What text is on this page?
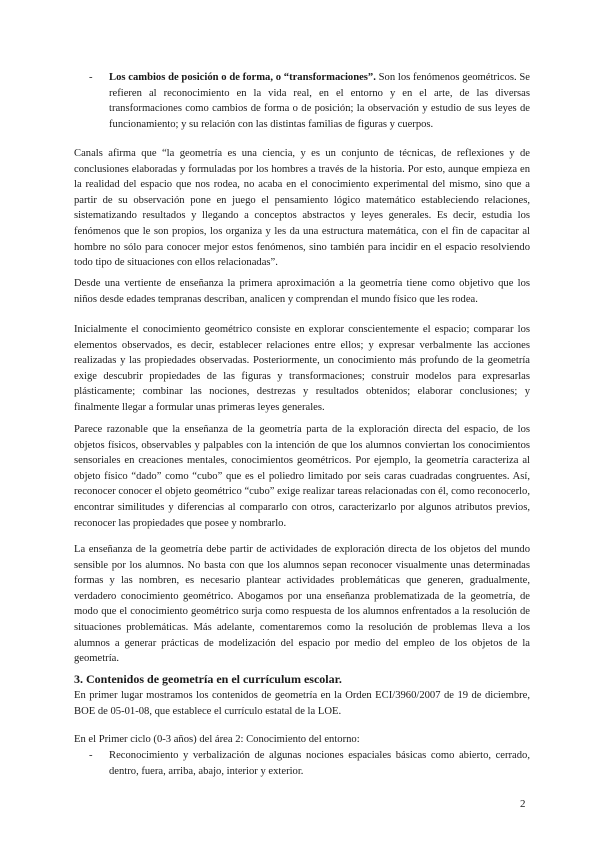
- Los cambios de posición o de forma, o “transformaciones”. Son los fenómenos geométricos. Se refieren al reconocimiento en la vida real, en el entorno y en el arte, de las diversas transformaciones como cambios de forma o de posición; la observación y estudio de sus leyes de funcionamiento; y su relación con las distintas familias de figuras y cuerpos.

Canals afirma que “la geometría es una ciencia, y es un conjunto de técnicas, de reflexiones y de conclusiones elaboradas y formuladas por los hombres a través de la historia. Por esto, aunque empieza en la realidad del espacio que nos rodea, no acaba en el conocimiento experimental del mismo, sino que a partir de su observación pone en juego el pensamiento lógico matemático estableciendo relaciones, sistematizando resultados y llegando a conceptos abstractos y leyes generales. Es decir, estudia los fenómenos que le son propios, los organiza y les da una estructura matemática, con el fin de capacitar al hombre no sólo para conocer mejor estos fenómenos, sino también para incidir en el espacio resolviendo todo tipo de situaciones con ellos relacionadas”.

Desde una vertiente de enseñanza la primera aproximación a la geometría tiene como objetivo que los niños desde edades tempranas describan, analicen y comprendan el mundo físico que les rodea.

Inicialmente el conocimiento geométrico consiste en explorar conscientemente el espacio; comparar los elementos observados, es decir, establecer relaciones entre ellos; y expresar verbalmente las acciones realizadas y las propiedades observadas. Posteriormente, un conocimiento más profundo de la geometría exige descubrir propiedades de las figuras y transformaciones; construir modelos para expresarlas plásticamente; combinar las nociones, destrezas y resultados obtenidos; elaborar conclusiones; y finalmente llegar a formular unas primeras leyes generales.

Parece razonable que la enseñanza de la geometría parta de la exploración directa del espacio, de los objetos físicos, observables y palpables con la intención de que los alumnos conviertan los conocimientos sensoriales en creaciones mentales, conocimientos geométricos. Por ejemplo, la geometría caracteriza al objeto físico “dado” como “cubo” que es el poliedro limitado por seis caras cuadradas congruentes. Así, reconocer conocer el objeto geométrico “cubo” exige realizar tareas relacionadas con él, como reconocerlo, encontrar similitudes y diferencias al compararlo con otros, caracterizarlo por algunos atributos previos, reconocer las propiedades que posee y nombrarlo.

La enseñanza de la geometría debe partir de actividades de exploración directa de los objetos del mundo sensible por los alumnos. No basta con que los alumnos sepan reconocer visualmente unas determinadas formas y las nombren, es necesario plantear actividades problemáticas que generen, gradualmente, verdadero conocimiento geométrico. Abogamos por una enseñanza problematizada de la geometría, de modo que el conocimiento geométrico surja como respuesta de los alumnos enfrentados a la resolución de situaciones problemáticas. Más adelante, comentaremos como la resolución de problemas lleva a los alumnos a generar prácticas de modelización del espacio por medio del empleo de los objetos de la geometría.

3. Contenidos de geometría en el currículum escolar.

En primer lugar mostramos los contenidos de geometría en la Orden ECI/3960/2007 de 19 de diciembre, BOE de 05-01-08, que establece el currículo estatal de la LOE.

En el Primer ciclo (0-3 años) del área 2: Conocimiento del entorno:

- Reconocimiento y verbalización de algunas nociones espaciales básicas como abierto, cerrado, dentro, fuera, arriba, abajo, interior y exterior.
2
